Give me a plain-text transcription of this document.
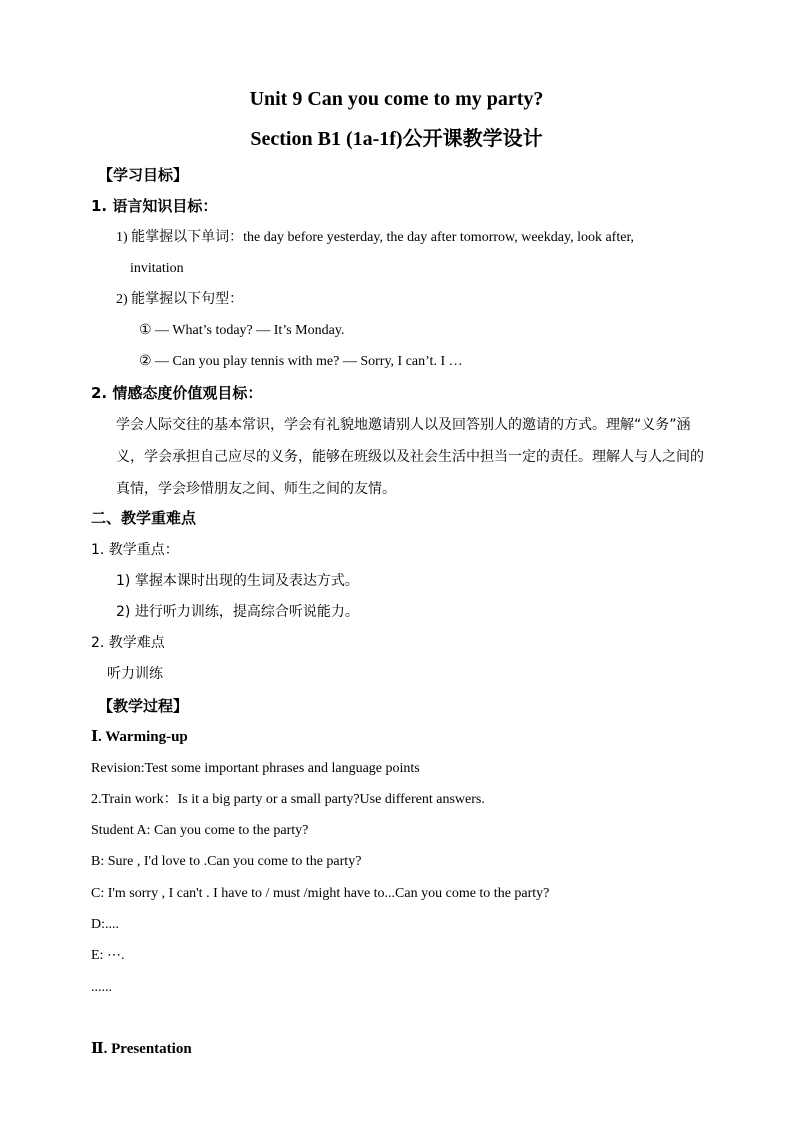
Unit 9 Can you come to my party?
Section B1 (1a-1f)公开课教学设计
【学习目标】
1. 语言知识目标：
1) 能掌握以下单词：the day before yesterday, the day after tomorrow, weekday, look after,
invitation
2) 能掌握以下句型：
① — What’s today? — It’s Monday.
② — Can you play tennis with me? — Sorry, I can’t. I …
2. 情感态度价值观目标：
学会人际交往的基本常识，学会有礼貌地邀请别人以及回答别人的邀请的方式。理解“义务”涵义，学会承担自己应尽的义务，能够在班级以及社会生活中担当一定的责任。理解人与人之间的真情，学会珍惜朋友之间、师生之间的友情。
二、教学重难点
1. 教学重点：
1) 掌握本课时出现的生词及表达方式。
2) 进行听力训练，提高综合听说能力。
2. 教学难点
听力训练
【教学过程】
Ⅰ. Warming-up
Revision:Test some important phrases and language points
2.Train work：Is it a big party or a small party?Use different answers.
Student A: Can you come to the party?
B: Sure , I'd love to .Can you come to the party?
C: I'm sorry , I can't . I have to / must /might have to...Can you come to the party?
D:....
E: ⋯.
......
Ⅱ. Presentation
